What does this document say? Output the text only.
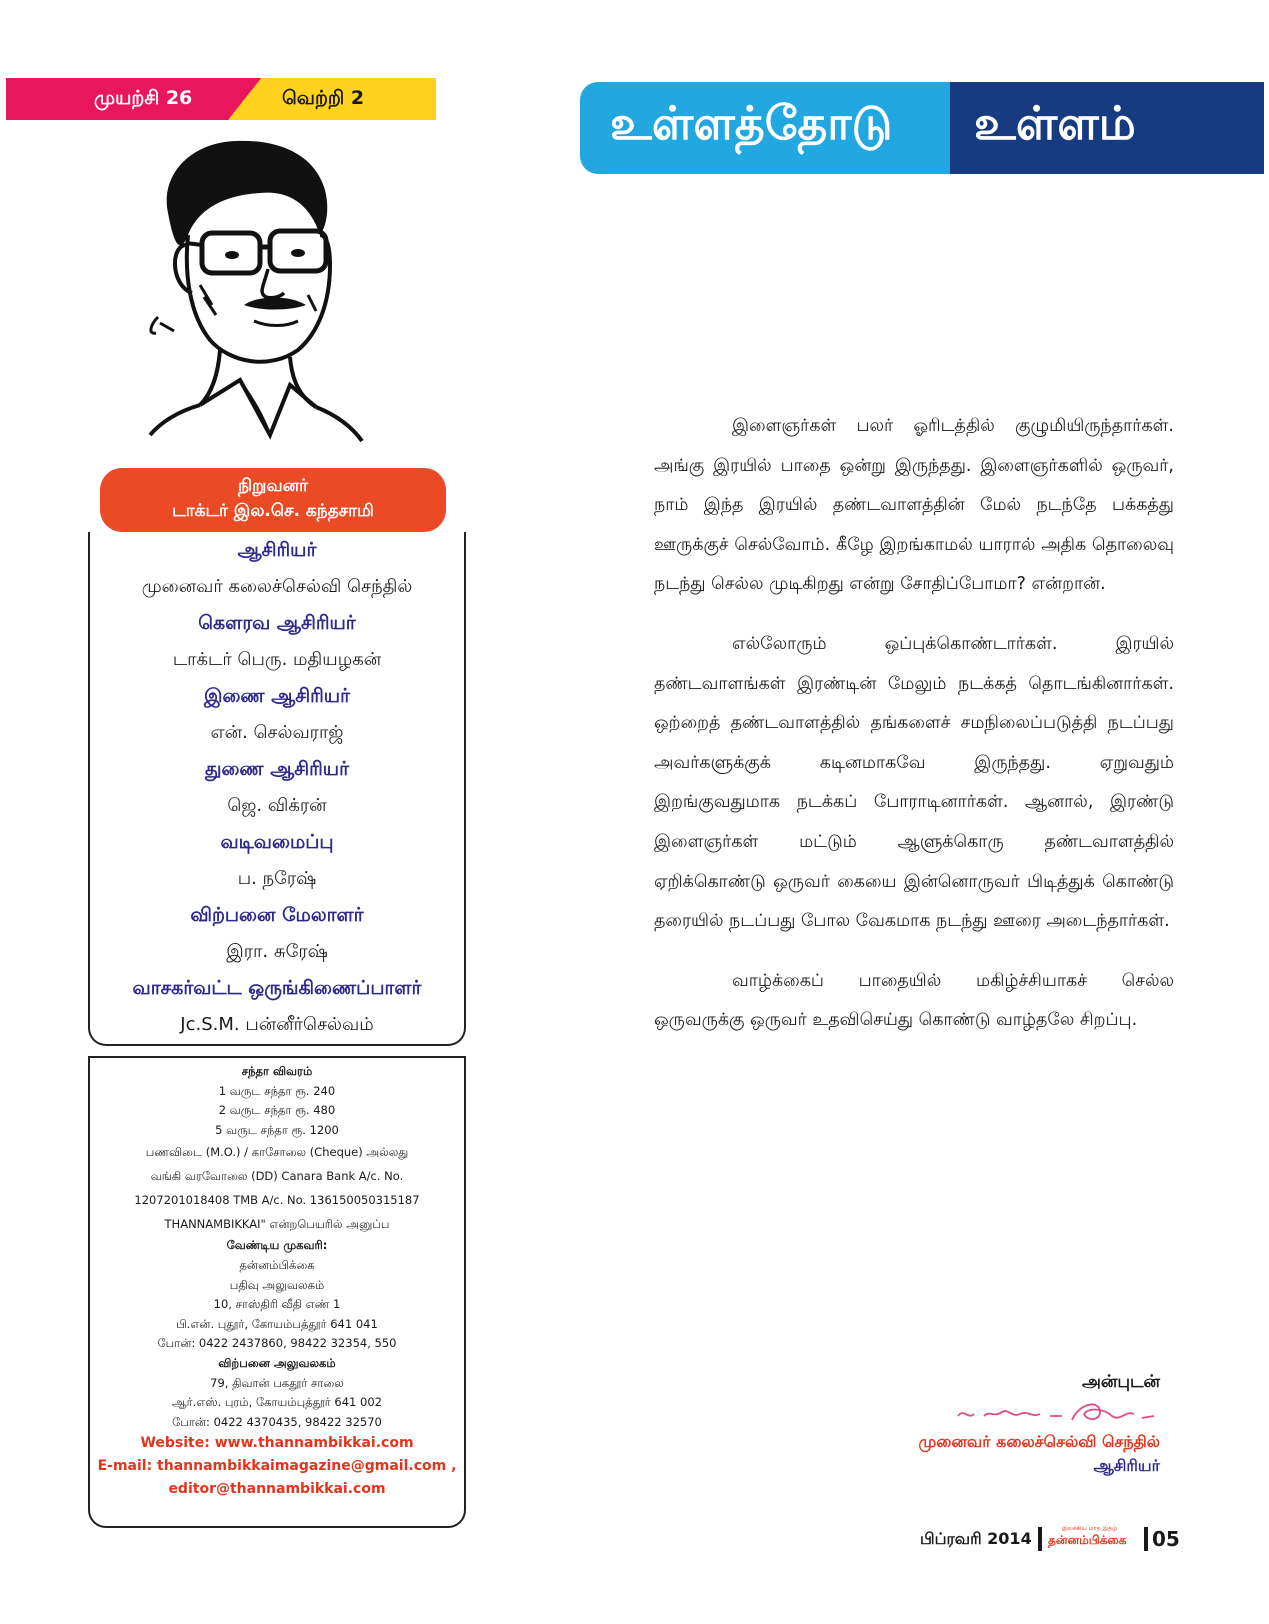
முயற்சி 26	வெற்றி 2	உள்ளத்தோடு உள்ளம்
நிறுவனர்
டாக்டர் இல.செ. கந்தசாமி
ஆசிரியர்
முனைவர் கலைச்செல்வி செந்தில்
கௌரவ ஆசிரியர்
டாக்டர் பெரு. மதியழகன்
இணை ஆசிரியர்
என். செல்வராஜ்
துணை ஆசிரியர்
ஜெ. விக்ரன்
வடிவமைப்பு
ப. நரேஷ்
விற்பனை மேலாளர்
இரா. சுரேஷ்
வாசகர்வட்ட ஒருங்கிணைப்பாளர்
Jc.S.M. பன்னீர்செல்வம்
சந்தா விவரம்
1 வருட சந்தா ரூ. 240
2 வருட சந்தா ரூ. 480
5 வருட சந்தா ரூ. 1200
பணவிடை (M.O.) / காசோலை (Cheque) அல்லது
வங்கி வரவோலை (DD) Canara Bank A/c. No.
1207201018408 TMB A/c. No. 136150050315187
THANNAMBIKKAI" என்றபெயரில் அனுப்ப
வேண்டிய முகவரி:
தன்னம்பிக்கை
பதிவு அலுவலகம்
10, சாஸ்திரி வீதி எண் 1
பி.என். புதூர், கோயம்பத்தூர் 641 041
போன்: 0422 2437860, 98422 32354, 550
விற்பனை அலுவலகம்
79, திவான் பகதூர் சாலை
ஆர்.எஸ். புரம், கோயம்புத்தூர் 641 002
போன்: 0422 4370435, 98422 32570
Website: www.thannambikkai.com
E-mail: thannambikkaimagazine@gmail.com ,
editor@thannambikkai.com

இளைஞர்கள் பலர் ஓரிடத்தில் குழுமியிருந்தார்கள். அங்கு இரயில் பாதை ஒன்று இருந்தது. இளைஞர்களில் ஒருவர், நாம் இந்த இரயில் தண்டவாளத்தின் மேல் நடந்தே பக்கத்து ஊருக்குச் செல்வோம். கீழே இறங்காமல் யாரால் அதிக தொலைவு நடந்து செல்ல முடிகிறது என்று சோதிப்போமா? என்றான்.

எல்லோரும் ஒப்புக்கொண்டார்கள். இரயில் தண்டவாளங்கள் இரண்டின் மேலும் நடக்கத் தொடங்கினார்கள். ஒற்றைத் தண்டவாளத்தில் தங்களைச் சமநிலைப்படுத்தி நடப்பது அவர்களுக்குக் கடினமாகவே இருந்தது. ஏறுவதும் இறங்குவதுமாக நடக்கப் போராடினார்கள். ஆனால், இரண்டு இளைஞர்கள் மட்டும் ஆளுக்கொரு தண்டவாளத்தில் ஏறிக்கொண்டு ஒருவர் கையை இன்னொருவர் பிடித்துக் கொண்டு தரையில் நடப்பது போல வேகமாக நடந்து ஊரை அடைந்தார்கள்.

வாழ்க்கைப் பாதையில் மகிழ்ச்சியாகச் செல்ல ஒருவருக்கு ஒருவர் உதவிசெய்து கொண்டு வாழ்தலே சிறப்பு.

அன்புடன்
முனைவர் கலைச்செல்வி செந்தில்
ஆசிரியர்
பிப்ரவரி 2014
இலக்கிய மாத இதழ்
தன்னம்பிக்கை 05
